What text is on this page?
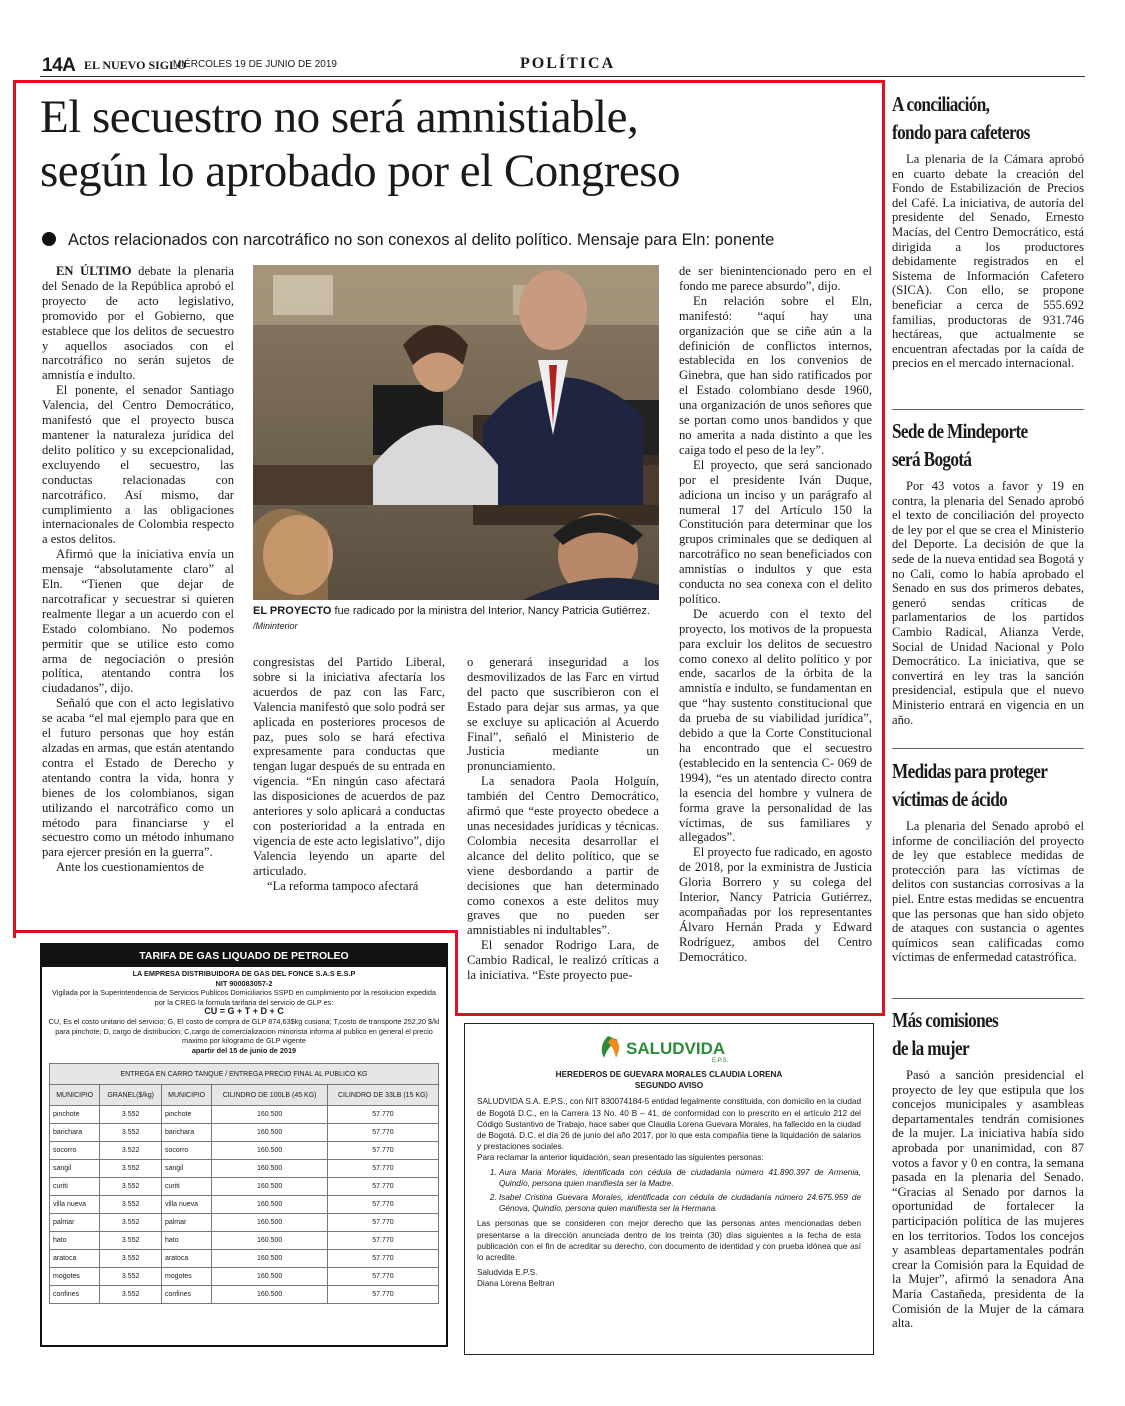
14A EL NUEVO SIGLO
MIÉRCOLES 19 DE JUNIO DE 2019	POLÍTICA
El secuestro no será amnistiable,
según lo aprobado por el Congreso
Actos relacionados con narcotráfico no son conexos al delito político. Mensaje para Eln: ponente

EN ÚLTIMO debate la plenaria del Senado de la República aprobó el proyecto de acto legislativo, promovido por el Gobierno, que establece que los delitos de secuestro y aquellos asociados con el narcotráfico no serán sujetos de amnistía e indulto.

El ponente, el senador Santiago Valencia, del Centro Democrático, manifestó que el proyecto busca mantener la naturaleza jurídica del delito político y su excepcionalidad, excluyendo el secuestro, las conductas relacionadas con narcotráfico. Así mismo, dar cumplimiento a las obligaciones internacionales de Colombia respecto a estos delitos.

Afirmó que la iniciativa envía un mensaje “absolutamente claro” al Eln. “Tienen que dejar de narcotraficar y secuestrar si quieren realmente llegar a un acuerdo con el Estado colombiano. No podemos permitir que se utilice esto como arma de negociación o presión política, atentando contra los ciudadanos”, dijo.

Señaló que con el acto legislativo se acaba “el mal ejemplo para que en el futuro personas que hoy están alzadas en armas, que están atentando contra el Estado de Derecho y atentando contra la vida, honra y bienes de los colombianos, sigan utilizando el narcotráfico como un método para financiarse y el secuestro como un método inhumano para ejercer presión en la guerra”.

Ante los cuestionamientos de

EL PROYECTO fue radicado por la ministra del Interior, Nancy Patricia Gutiérrez. /Mininterior

congresistas del Partido Liberal, sobre si la iniciativa afectaría los acuerdos de paz con las Farc, Valencia manifestó que solo podrá ser aplicada en posteriores procesos de paz, pues solo se hará efectiva expresamente para conductas que tengan lugar después de su entrada en vigencia. “En ningún caso afectará las disposiciones de acuerdos de paz anteriores y solo aplicará a conductas con posterioridad a la entrada en vigencia de este acto legislativo”, dijo Valencia leyendo un aparte del articulado.

“La reforma tampoco afectará

o generará inseguridad a los desmovilizados de las Farc en virtud del pacto que suscribieron con el Estado para dejar sus armas, ya que se excluye su aplicación al Acuerdo Final”, señaló el Ministerio de Justicia mediante un pronunciamiento.

La senadora Paola Holguín, también del Centro Democrático, afirmó que “este proyecto obedece a unas necesidades jurídicas y técnicas. Colombia necesita desarrollar el alcance del delito político, que se viene desbordando a partir de decisiones que han determinado como conexos a este delitos muy graves que no pueden ser amnistiables ni indultables”.

El senador Rodrigo Lara, de Cambio Radical, le realizó críticas a la iniciativa. “Este proyecto pue-

de ser bienintencionado pero en el fondo me parece absurdo”, dijo.

En relación sobre el Eln, manifestó: “aquí hay una organización que se ciñe aún a la definición de conflictos internos, establecida en los convenios de Ginebra, que han sido ratificados por el Estado colombiano desde 1960, una organización de unos señores que se portan como unos bandidos y que no amerita a nada distinto a que les caiga todo el peso de la ley”.

El proyecto, que será sancionado por el presidente Iván Duque, adiciona un inciso y un parágrafo al numeral 17 del Artículo 150 la Constitución para determinar que los grupos criminales que se dediquen al narcotráfico no sean beneficiados con amnistías o indultos y que esta conducta no sea conexa con el delito político.

De acuerdo con el texto del proyecto, los motivos de la propuesta para excluir los delitos de secuestro como conexo al delito político y por ende, sacarlos de la órbita de la amnistía e indulto, se fundamentan en que “hay sustento constitucional que da prueba de su viabilidad jurídica”, debido a que la Corte Constitucional ha encontrado que el secuestro (establecido en la sentencia C- 069 de 1994), “es un atentado directo contra la esencia del hombre y vulnera de forma grave la personalidad de las víctimas, de sus familiares y allegados”.

El proyecto fue radicado, en agosto de 2018, por la exministra de Justicia Gloria Borrero y su colega del Interior, Nancy Patricia Gutiérrez, acompañadas por los representantes Álvaro Hernán Prada y Edward Rodríguez, ambos del Centro Democrático.

A conciliación,
fondo para cafeteros

La plenaria de la Cámara aprobó en cuarto debate la creación del Fondo de Estabilización de Precios del Café. La iniciativa, de autoría del presidente del Senado, Ernesto Macías, del Centro Democrático, está dirigida a los productores debidamente registrados en el Sistema de Información Cafetero (SICA). Con ello, se propone beneficiar a cerca de 555.692 familias, productoras de 931.746 hectáreas, que actualmente se encuentran afectadas por la caída de precios en el mercado internacional.

Sede de Mindeporte
será Bogotá

Por 43 votos a favor y 19 en contra, la plenaria del Senado aprobó el texto de conciliación del proyecto de ley por el que se crea el Ministerio del Deporte. La decisión de que la sede de la nueva entidad sea Bogotá y no Cali, como lo había aprobado el Senado en sus dos primeros debates, generó sendas críticas de parlamentarios de los partidos Cambio Radical, Alianza Verde, Social de Unidad Nacional y Polo Democrático. La iniciativa, que se convertirá en ley tras la sanción presidencial, estipula que el nuevo Ministerio entrará en vigencia en un año.

Medidas para proteger
víctimas de ácido

La plenaria del Senado aprobó el informe de conciliación del proyecto de ley que establece medidas de protección para las víctimas de delitos con sustancias corrosivas a la piel. Entre estas medidas se encuentra que las personas que han sido objeto de ataques con sustancia o agentes químicos sean calificadas como víctimas de enfermedad catastrófica.

Más comisiones
de la mujer

Pasó a sanción presidencial el proyecto de ley que estipula que los concejos municipales y asambleas departamentales tendrán comisiones de la mujer. La iniciativa había sido aprobada por unanimidad, con 87 votos a favor y 0 en contra, la semana pasada en la plenaria del Senado. “Gracias al Senado por darnos la oportunidad de fortalecer la participación política de las mujeres en los territorios. Todos los concejos y asambleas departamentales podrán crear la Comisión para la Equidad de la Mujer”, afirmó la senadora Ana María Castañeda, presidenta de la Comisión de la Mujer de la cámara alta.

TARIFA DE GAS LIQUADO DE PETROLEO
LA EMPRESA DISTRIBUIDORA DE GAS DEL FONCE S.A.S E.S.P
NIT 900083057-2
Vigilada por la Superintendencia de Servicios Publicos Domiciliarios SSPD en cumplimiento por la resolucion expedida por la CREG la formula tarifaria del servicio de GLP es:
CU = G + T + D + C
CU, Es el costo unitario del servicio; G, El costo de compra de GLP 874,63$kg cusiana; T,costo de transporte 252,20 $/kl para pinchote; D, cargo de distribucion; C,cargo de comercializacion minorista informa al publico en general el precio maximo por kilogramo de GLP vigente
apartir del 15 de junio de 2019
ENTREGA EN CARRO TANQUE / ENTREGA PRECIO FINAL AL PUBLICO KG				
MUNICIPIO	GRANEL($/kg)	MUNICIPIO	CILINDRO DE 100LB (45 KG)	CILINDRO DE 33LB (15 KG)
pinchote	3.552	pinchote	160.500	57.770
barichara	3.552	barichara	160.500	57.770
socorro	3.522	socorro	160.500	57.770
sangil	3.552	sangil	160.500	57.770
curiti	3.552	curiti	160.500	57.770
villa nueva	3.552	villa nueva	160.500	57.770
palmar	3.552	palmar	160.500	57.770
hato	3.552	hato	160.500	57.770
aratoca	3.552	aratoca	160.500	57.770
mogotes	3.552	mogotes	160.500	57.770
confines	3.552	confines	160.500	57.770
SALUDVIDA
E.P.S.
HEREDEROS DE GUEVARA MORALES CLAUDIA LORENA
SEGUNDO AVISO
SALUDVIDA S.A. E.P.S., con NIT 830074184-5 entidad legalmente constituida, con domicilio en la ciudad de Bogotá D.C., en la Carrera 13 No. 40 B – 41, de conformidad con lo prescrito en el artículo 212 del Código Sustantivo de Trabajo, hace saber que Claudia Lorena Guevara Morales, ha fallecido en la ciudad de Bogotá. D.C. el día 26 de junio del año 2017, por lo que esta compañía tiene la liquidación de salarios y prestaciones sociales.
Para reclamar la anterior liquidación, sean presentado las siguientes personas:
1. Aura Maria Morales, identificada con cédula de ciudadanía número 41.890.397 de Armenia, Quindío, persona quien manifiesta ser la Madre.
2. Isabel Cristina Guevara Morales, identificada con cédula de ciudadanía número 24.675.959 de Génova, Quindío, persona quien manifiesta ser la Hermana.
Las personas que se consideren con mejor derecho que las personas antes mencionadas deben presentarse a la dirección anunciada dentro de los treinta (30) días siguientes a la fecha de esta publicación con el fin de acreditar su derecho, con documento de identidad y con prueba idónea que así lo acredite.
Saludvida E.P.S.
Diana Lorena Beltran
